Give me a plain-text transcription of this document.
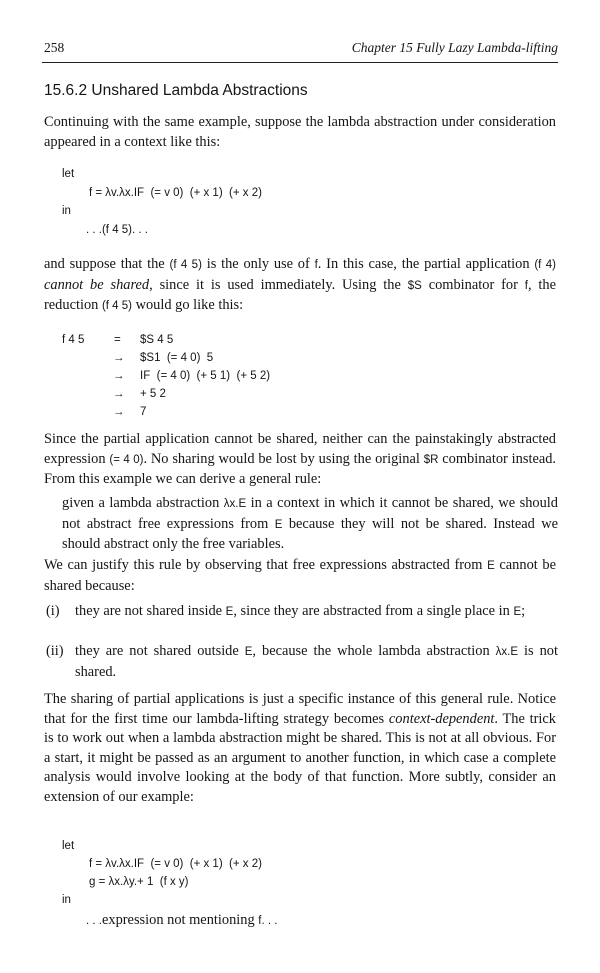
258	Chapter 15 Fully Lazy Lambda-lifting
15.6.2 Unshared Lambda Abstractions

Continuing with the same example, suppose the lambda abstraction under consideration appeared in a context like this:

let
f = λv.λx.IF  (= v 0)  (+ x 1)  (+ x 2)
in
. . .(f 4 5). . .

and suppose that the (f 4 5) is the only use of f. In this case, the partial application (f 4) cannot be shared, since it is used immediately. Using the $S combinator for f, the reduction (f 4 5) would go like this:

f 4 5	= $S 4 5
→ $S1  (= 4 0)  5
→ IF  (= 4 0)  (+ 5 1)  (+ 5 2)
→ + 5 2
→ 7

Since the partial application cannot be shared, neither can the painstakingly abstracted expression (= 4 0). No sharing would be lost by using the original $R combinator instead. From this example we can derive a general rule:

given a lambda abstraction λx.E in a context in which it cannot be shared, we should not abstract free expressions from E because they will not be shared. Instead we should abstract only the free variables.

We can justify this rule by observing that free expressions abstracted from E cannot be shared because:

(i) they are not shared inside E, since they are abstracted from a single place in E;
(ii) they are not shared outside E, because the whole lambda abstraction λx.E is not shared.

The sharing of partial applications is just a specific instance of this general rule. Notice that for the first time our lambda-lifting strategy becomes context-dependent. The trick is to work out when a lambda abstraction might be shared. This is not at all obvious. For a start, it might be passed as an argument to another function, in which case a complete analysis would involve looking at the body of that function. More subtly, consider an extension of our example:

let
f = λv.λx.IF  (= v 0)  (+ x 1)  (+ x 2)
g = λx.λy.+ 1  (f x y)
in
. . .expression not mentioning f. . .
